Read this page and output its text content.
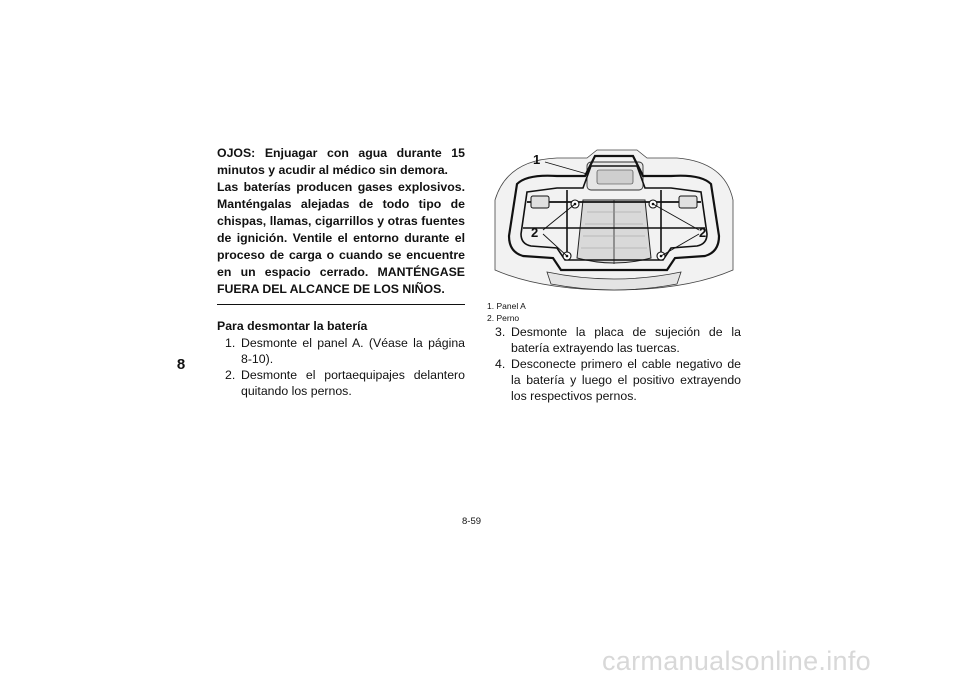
8

OJOS: Enjuagar con agua durante 15 minutos y acudir al médico sin demora.

Las baterías producen gases explosivos. Manténgalas alejadas de todo tipo de chispas, llamas, cigarrillos y otras fuentes de ignición. Ventile el entorno durante el proceso de carga o cuando se encuentre en un espacio cerrado. MANTÉNGASE FUERA DEL ALCANCE DE LOS NIÑOS.

Para desmontar la batería
1. Desmonte el panel A. (Véase la página 8-10).
2. Desmonte el portaequipajes delantero quitando los pernos.
1
2	2
1. Panel A
2. Perno
3. Desmonte la placa de sujeción de la batería extrayendo las tuercas.
4. Desconecte primero el cable negativo de la batería y luego el positivo extrayendo los respectivos pernos.
8-59
carmanualsonline.info
